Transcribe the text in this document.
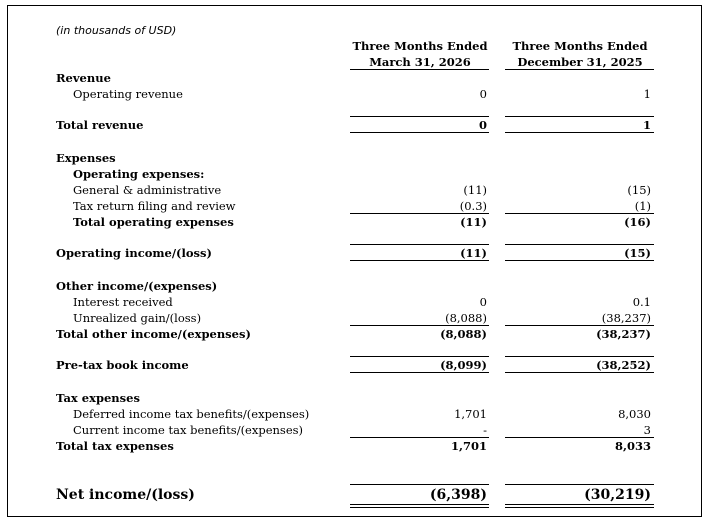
(in thousands of USD)
Three Months Ended
March 31, 2026
Three Months Ended
December 31, 2025
Revenue
Operating revenue	0	1
Total revenue	0	1
Expenses
Operating expenses:
General & administrative	(11)	(15)
Tax return filing and review	(0.3)	(1)
Total operating expenses	(11)	(16)
Operating income/(loss)	(11)	(15)
Other income/(expenses)
Interest received	0	0.1
Unrealized gain/(loss)	(8,088)	(38,237)
Total other income/(expenses)	(8,088)	(38,237)
Pre-tax book income	(8,099)	(38,252)
Tax expenses
Deferred income tax benefits/(expenses)	1,701	8,030
Current income tax benefits/(expenses)	-	3
Total tax expenses	1,701	8,033
Net income/(loss)	(6,398)	(30,219)
